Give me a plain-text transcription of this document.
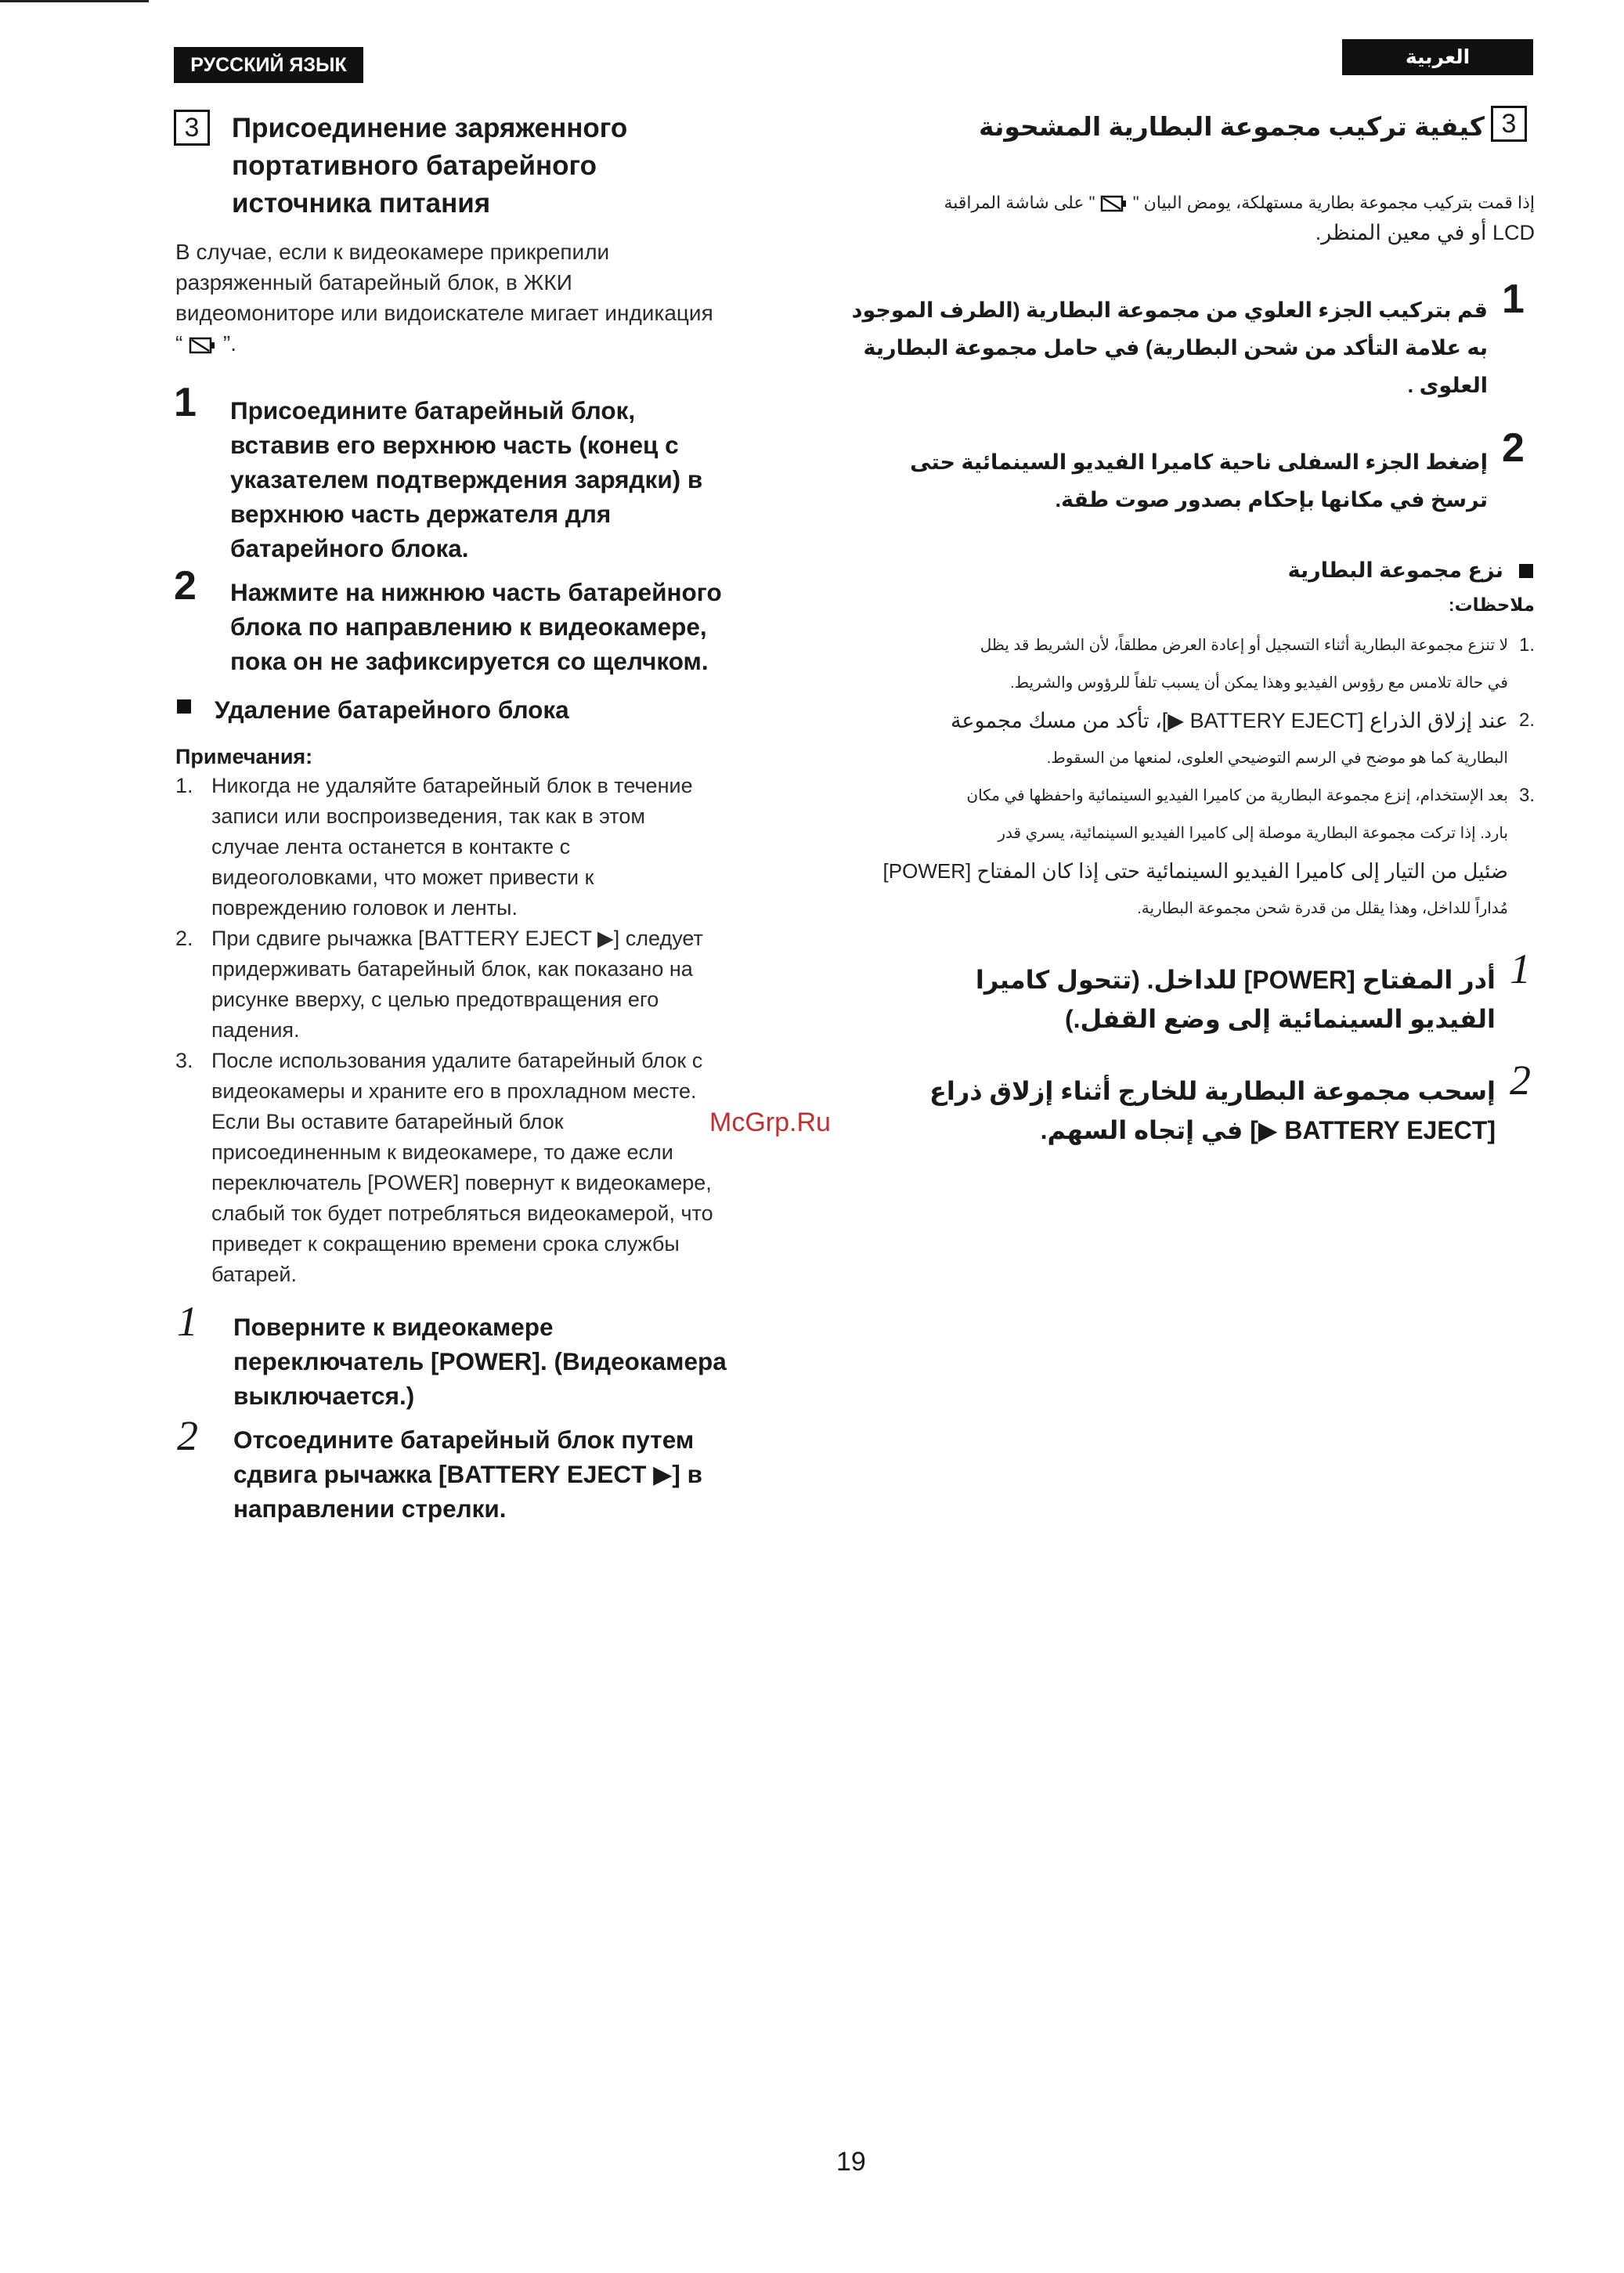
РУССКИЙ ЯЗЫК
3	Присоединение заряженного
портативного батарейного
источника питания
В случае, если к видеокамере прикрепили
разряженный батарейный блок, в ЖКИ
видеомониторе или видоискателе мигает индикация
“ ”.
1 Присоедините батарейный блок,
вставив его верхнюю часть (конец с
указателем подтверждения зарядки) в
верхнюю часть держателя для
батарейного блока.
2 Нажмите на нижнюю часть батарейного
блока по направлению к видеокамере,
пока он не зафиксируется со щелчком.
Удаление батарейного блока
Примечания:
1. Никогда не удаляйте батарейный блок в течение
записи или воспроизведения, так как в этом
случае лента останется в контакте с
видеоголовками, что может привести к
повреждению головок и ленты.
2. При сдвиге рычажка [BATTERY EJECT ▶] следует
придерживать батарейный блок, как показано на
рисунке вверху, с целью предотвращения его
падения.
3. После использования удалите батарейный блок с
видеокамеры и храните его в прохладном месте.
Если Вы оставите батарейный блок
присоединенным к видеокамере, то даже если
переключатель [POWER] повернут к видеокамере,
слабый ток будет потребляться видеокамерой, что
приведет к сокращению времени срока службы
батарей.
McGrp.Ru
1 Поверните к видеокамере
переключатель [POWER]. (Видеокамера
выключается.)
2 Отсоедините батарейный блок путем
сдвига рычажка [BATTERY EJECT ▶] в
направлении стрелки.
العربية
3
كيفية تركيب مجموعة البطارية المشحونة
إذا قمت بتركيب مجموعة بطارية مستهلكة، يومض البيان "  " على شاشة المراقبة
LCD أو في معين المنظر.
1
قم بتركيب الجزء العلوي من مجموعة البطارية (الطرف الموجود
به علامة التأكد من شحن البطارية) في حامل مجموعة البطارية
العلوى .
2
إضغط الجزء السفلى ناحية كاميرا الفيديو السينمائية حتى
ترسخ في مكانها بإحكام بصدور صوت طقة.
نزع مجموعة البطارية
ملاحظات:
.1
لا تنزع مجموعة البطارية أثناء التسجيل أو إعادة العرض مطلقاً، لأن الشريط قد يظل
في حالة تلامس مع رؤوس الفيديو وهذا يمكن أن يسبب تلفاً للرؤوس والشريط.
.2
عند إزلاق الذراع [BATTERY EJECT ▶]، تأكد من مسك مجموعة
البطارية كما هو موضح في الرسم التوضيحي العلوى، لمنعها من السقوط.
.3
بعد الإستخدام، إنزع مجموعة البطارية من كاميرا الفيديو السينمائية واحفظها في مكان
بارد. إذا تركت مجموعة البطارية موصلة إلى كاميرا الفيديو السينمائية، يسري قدر
ضئيل من التيار إلى كاميرا الفيديو السينمائية حتى إذا كان المفتاح [POWER]
مُداراً للداخل، وهذا يقلل من قدرة شحن مجموعة البطارية.
1
أدر المفتاح [POWER] للداخل. (تتحول كاميرا
الفيديو السينمائية إلى وضع القفل.)
2
إسحب مجموعة البطارية للخارج أثناء إزلاق ذراع
[BATTERY EJECT ▶] في إتجاه السهم.
19
